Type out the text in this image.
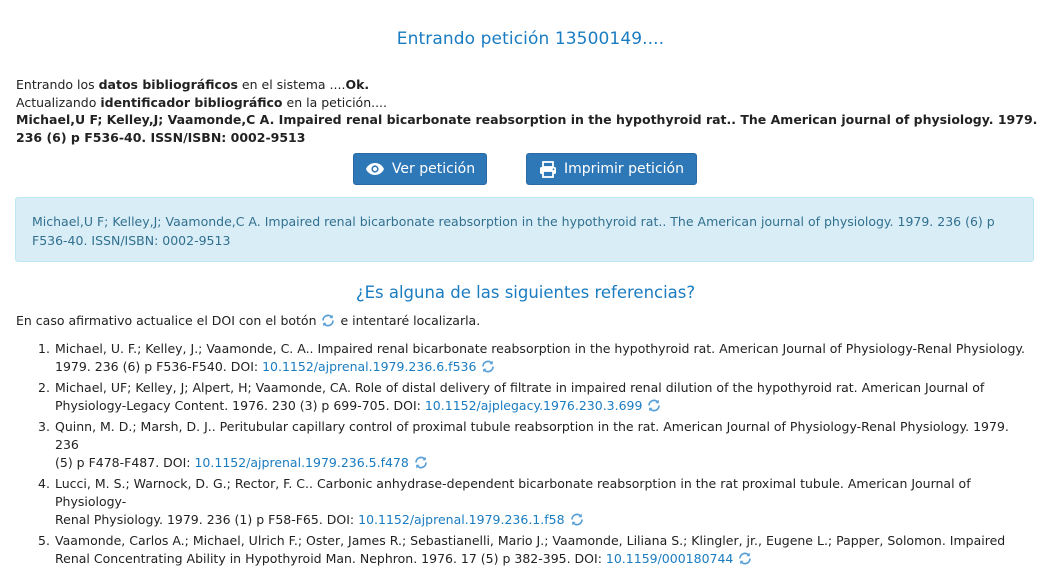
Entrando petición 13500149....
Entrando los datos bibliográficos en el sistema ....Ok.
Actualizando identificador bibliográfico en la petición....
Michael,U F; Kelley,J; Vaamonde,C A. Impaired renal bicarbonate reabsorption in the hypothyroid rat.. The American journal of physiology. 1979. 236 (6) p F536-40. ISSN/ISBN: 0002-9513
Ver petición	Imprimir petición
Michael,U F; Kelley,J; Vaamonde,C A. Impaired renal bicarbonate reabsorption in the hypothyroid rat.. The American journal of physiology. 1979. 236 (6) p F536-40. ISSN/ISBN: 0002-9513
¿Es alguna de las siguientes referencias?
En caso afirmativo actualice el DOI con el botón  e intentaré localizarla.
1. Michael, U. F.; Kelley, J.; Vaamonde, C. A.. Impaired renal bicarbonate reabsorption in the hypothyroid rat. American Journal of Physiology-Renal Physiology.
1979. 236 (6) p F536-F540. DOI: 10.1152/ajprenal.1979.236.6.f536
2. Michael, UF; Kelley, J; Alpert, H; Vaamonde, CA. Role of distal delivery of filtrate in impaired renal dilution of the hypothyroid rat. American Journal of
Physiology-Legacy Content. 1976. 230 (3) p 699-705. DOI: 10.1152/ajplegacy.1976.230.3.699
3. Quinn, M. D.; Marsh, D. J.. Peritubular capillary control of proximal tubule reabsorption in the rat. American Journal of Physiology-Renal Physiology. 1979. 236
(5) p F478-F487. DOI: 10.1152/ajprenal.1979.236.5.f478
4. Lucci, M. S.; Warnock, D. G.; Rector, F. C.. Carbonic anhydrase-dependent bicarbonate reabsorption in the rat proximal tubule. American Journal of Physiology-
Renal Physiology. 1979. 236 (1) p F58-F65. DOI: 10.1152/ajprenal.1979.236.1.f58
5. Vaamonde, Carlos A.; Michael, Ulrich F.; Oster, James R.; Sebastianelli, Mario J.; Vaamonde, Liliana S.; Klingler, jr., Eugene L.; Papper, Solomon. Impaired
Renal Concentrating Ability in Hypothyroid Man. Nephron. 1976. 17 (5) p 382-395. DOI: 10.1159/000180744
